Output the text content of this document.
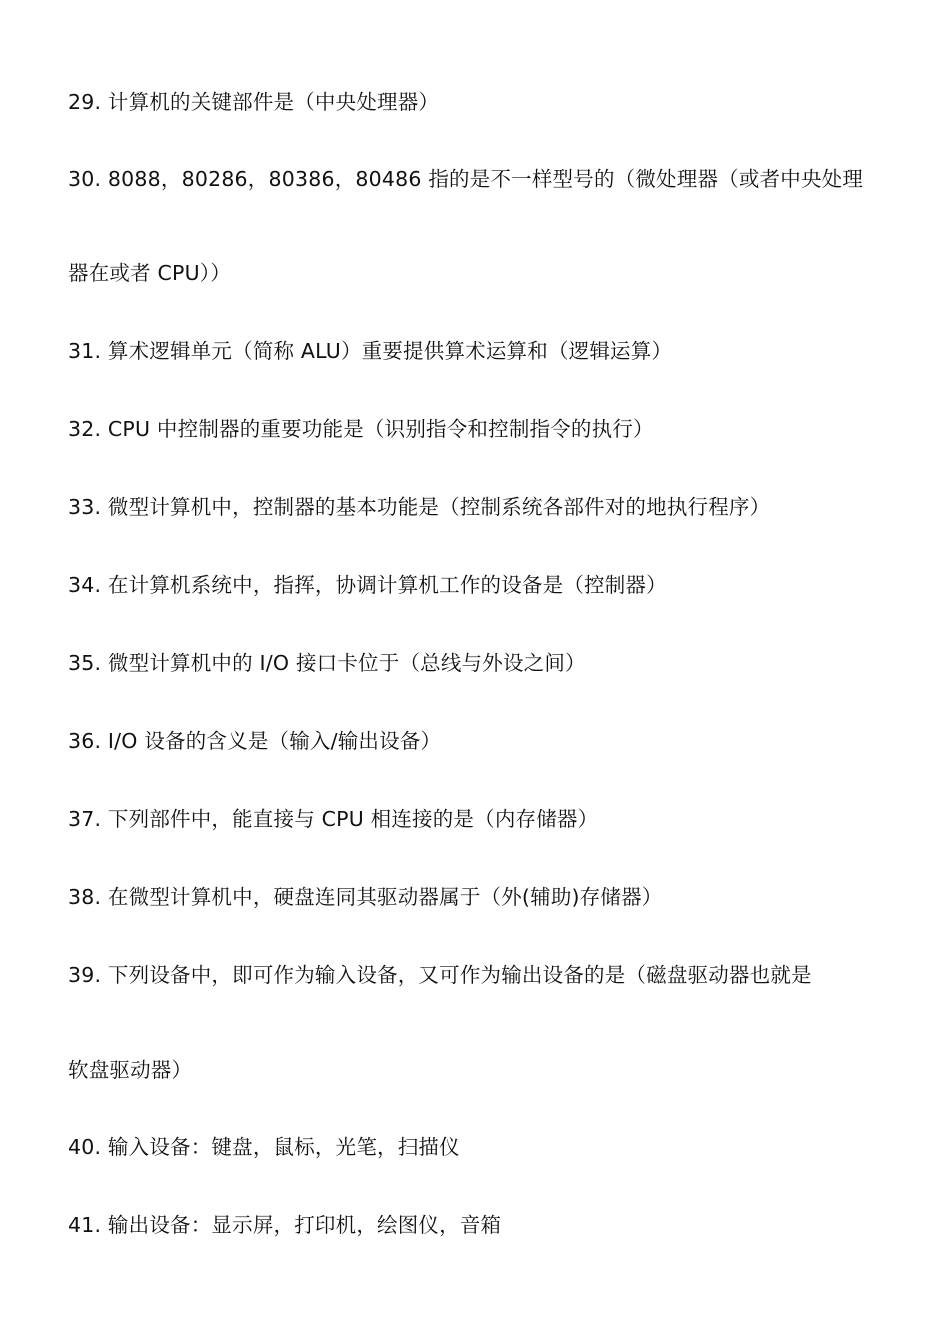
29. 计算机的关键部件是（中央处理器）
30. 8088，80286，80386，80486 指的是不一样型号的（微处理器（或者中央处理
器在或者 CPU））
31. 算术逻辑单元（简称 ALU）重要提供算术运算和（逻辑运算）
32. CPU 中控制器的重要功能是（识别指令和控制指令的执行）
33. 微型计算机中，控制器的基本功能是（控制系统各部件对的地执行程序）
34. 在计算机系统中，指挥，协调计算机工作的设备是（控制器）
35. 微型计算机中的 I/O 接口卡位于（总线与外设之间）
36. I/O 设备的含义是（输入/输出设备）
37. 下列部件中，能直接与 CPU 相连接的是（内存储器）
38. 在微型计算机中，硬盘连同其驱动器属于（外(辅助)存储器）
39. 下列设备中，即可作为输入设备，又可作为输出设备的是（磁盘驱动器也就是
软盘驱动器）
40. 输入设备：键盘，鼠标，光笔，扫描仪
41. 输出设备：显示屏，打印机，绘图仪，音箱
